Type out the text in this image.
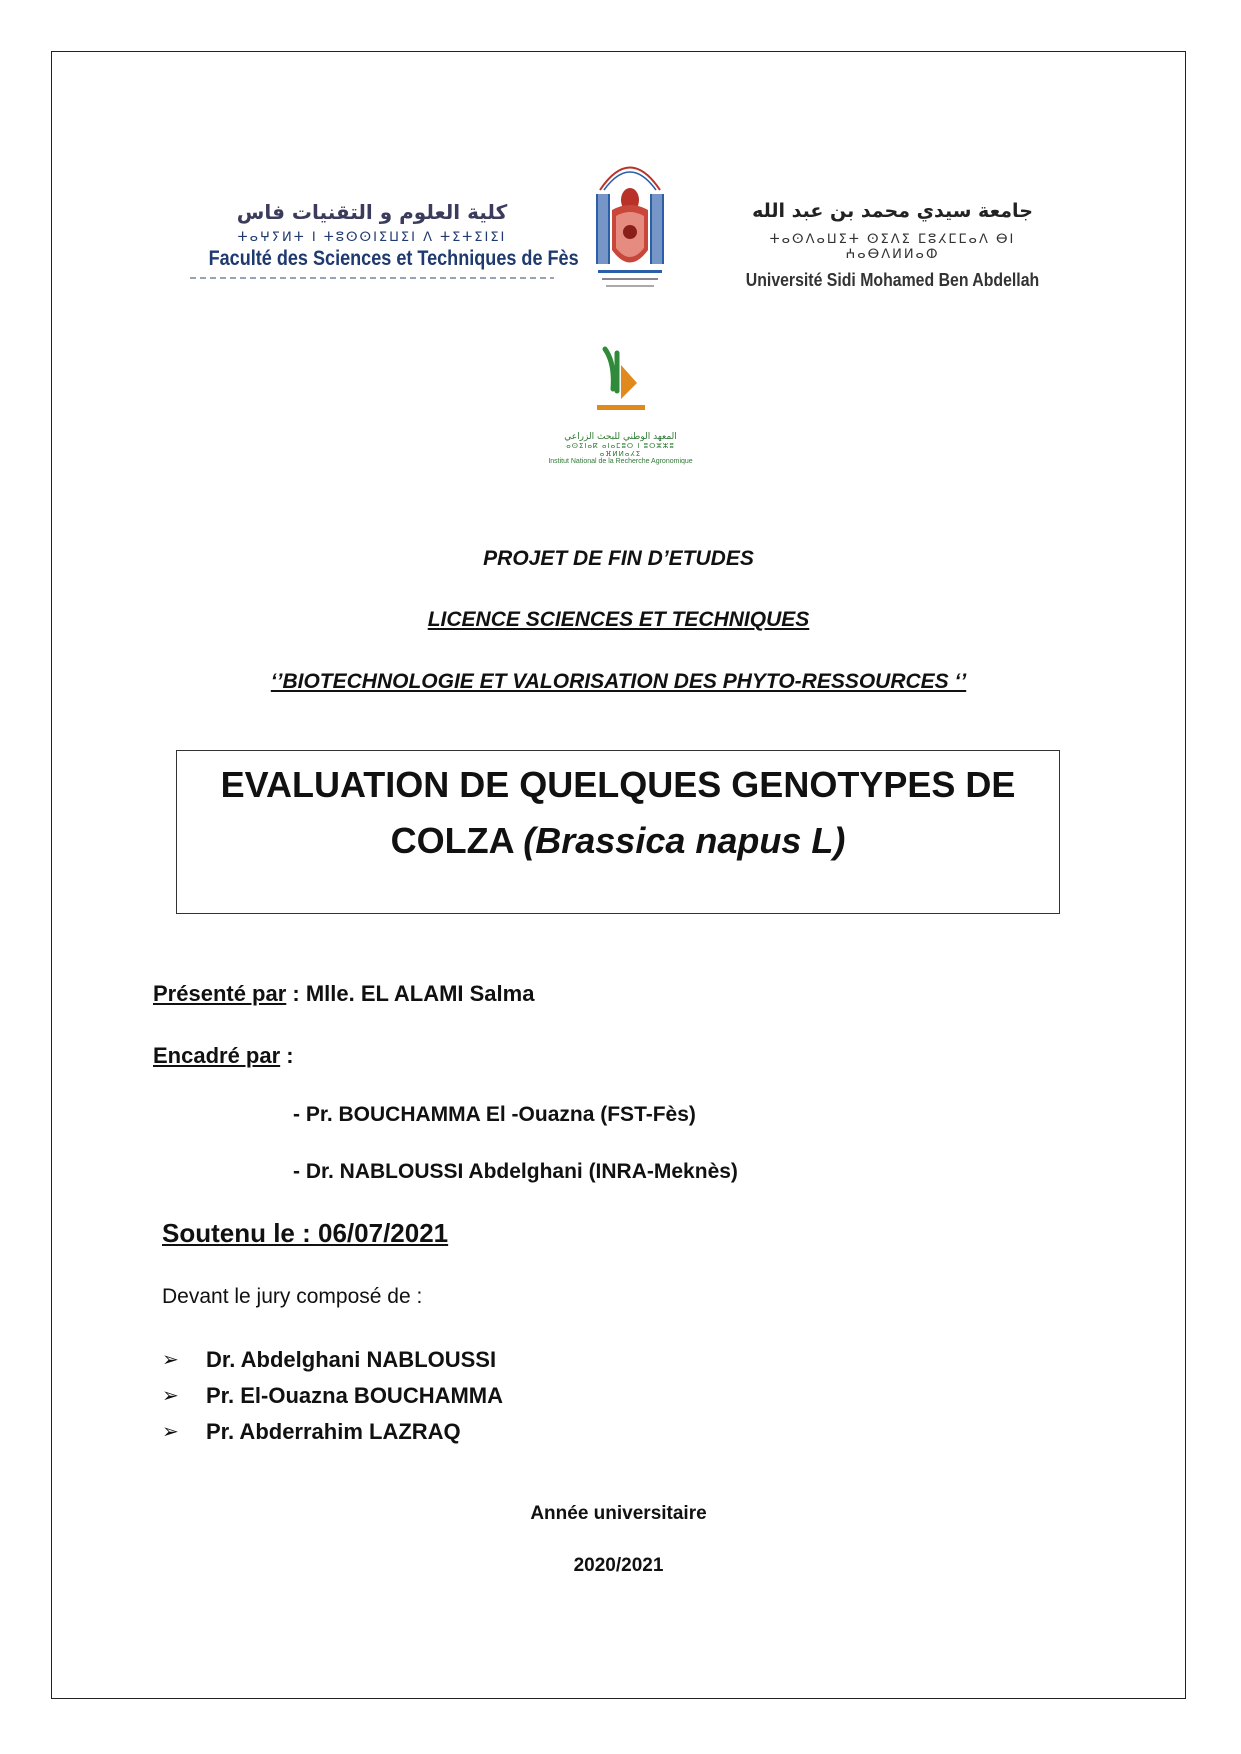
كلية العلوم و التقنيات فاس
ⵜⴰⵖⵢⵍⵜ ⵏ ⵜⵓⵙⵙⵏⵉⵡⵉⵏ ⴷ ⵜⵉⵜⵉⵏⵉⵏ
Faculté des Sciences et Techniques de Fès
جامعة سيدي محمد بن عبد الله
ⵜⴰⵙⴷⴰⵡⵉⵜ ⵙⵉⴷⵉ ⵎⵓⵃⵎⵎⴰⴷ ⴱⵏ ⵄⴰⴱⴷⵍⵍⴰⵀ
Université Sidi Mohamed Ben Abdellah
المعهد الوطني للبحث الزراعي
ⴰⵙⵉⵏⴰⴽ ⴰⵏⴰⵎⵓⵔ ⵏ ⵓⵔⵣⵣⵓ ⴰⴼⵍⵍⴰⵃⵉ
Institut National de la Recherche Agronomique
PROJET DE FIN D’ETUDES
LICENCE SCIENCES ET TECHNIQUES
‘’BIOTECHNOLOGIE ET VALORISATION DES PHYTO-RESSOURCES ‘’
EVALUATION DE QUELQUES GENOTYPES DE
COLZA (Brassica napus L)
Présenté par : Mlle. EL ALAMI Salma
Encadré par :
- Pr. BOUCHAMMA El -Ouazna (FST-Fès)
- Dr. NABLOUSSI Abdelghani (INRA-Meknès)
Soutenu le : 06/07/2021
Devant le jury composé de :
➢	Dr. Abdelghani NABLOUSSI
➢	Pr. El-Ouazna BOUCHAMMA
➢	Pr. Abderrahim LAZRAQ
Année universitaire
2020/2021
